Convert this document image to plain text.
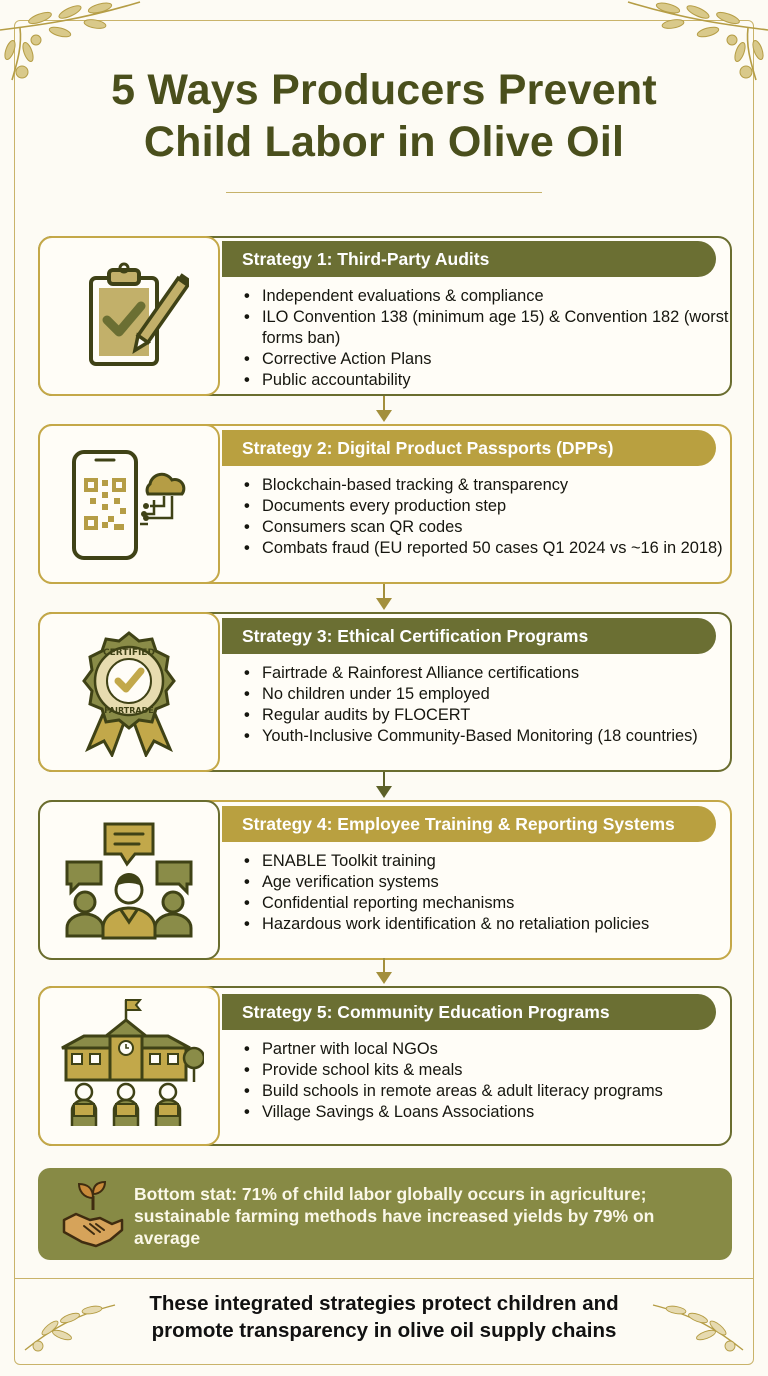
5 Ways Producers Prevent
Child Labor in Olive Oil
Strategy 1: Third-Party Audits
• Independent evaluations & compliance
• ILO Convention 138 (minimum age 15) & Convention 182 (worst forms ban)
• Corrective Action Plans
• Public accountability
Strategy 2: Digital Product Passports (DPPs)
• Blockchain-based tracking & transparency
• Documents every production step
• Consumers scan QR codes
• Combats fraud (EU reported 50 cases Q1 2024 vs ~16 in 2018)
CERTIFIED
FAIRTRADE
Strategy 3: Ethical Certification Programs
• Fairtrade & Rainforest Alliance certifications
• No children under 15 employed
• Regular audits by FLOCERT
• Youth-Inclusive Community-Based Monitoring (18 countries)
Strategy 4: Employee Training & Reporting Systems
• ENABLE Toolkit training
• Age verification systems
• Confidential reporting mechanisms
• Hazardous work identification & no retaliation policies
Strategy 5: Community Education Programs
• Partner with local NGOs
• Provide school kits & meals
• Build schools in remote areas & adult literacy programs
• Village Savings & Loans Associations
Bottom stat: 71% of child labor globally occurs in agriculture; sustainable farming methods have increased yields by 79% on average
These integrated strategies protect children and
promote transparency in olive oil supply chains
